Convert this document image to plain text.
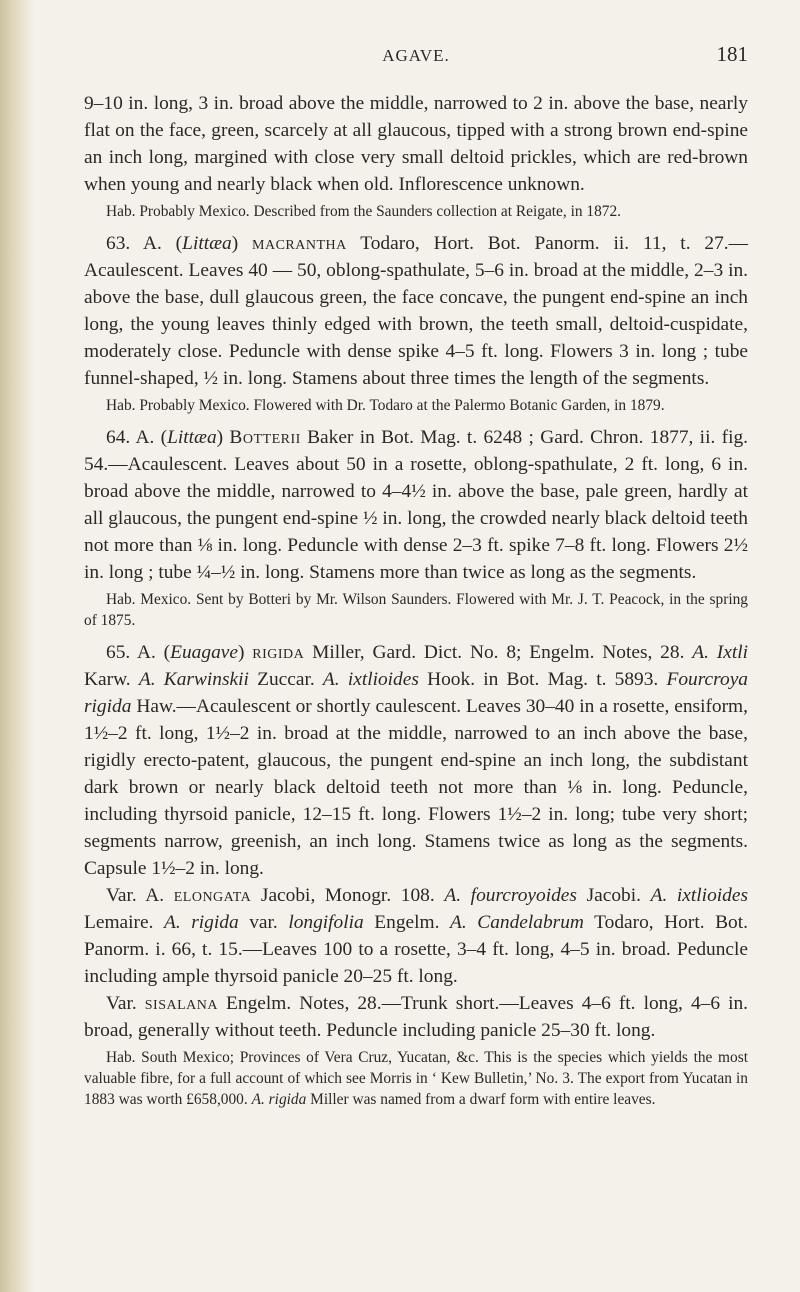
AGAVE.	181

9–10 in. long, 3 in. broad above the middle, narrowed to 2 in. above the base, nearly flat on the face, green, scarcely at all glaucous, tipped with a strong brown end-spine an inch long, margined with close very small deltoid prickles, which are red-brown when young and nearly black when old. Inflorescence unknown.

Hab. Probably Mexico. Described from the Saunders collection at Reigate, in 1872.

63. A. (Littæa) macrantha Todaro, Hort. Bot. Panorm. ii. 11, t. 27.—Acaulescent. Leaves 40 — 50, oblong-spathulate, 5–6 in. broad at the middle, 2–3 in. above the base, dull glaucous green, the face concave, the pungent end-spine an inch long, the young leaves thinly edged with brown, the teeth small, deltoid-cuspidate, moderately close. Peduncle with dense spike 4–5 ft. long. Flowers 3 in. long ; tube funnel-shaped, ½ in. long. Stamens about three times the length of the segments.

Hab. Probably Mexico. Flowered with Dr. Todaro at the Palermo Botanic Garden, in 1879.

64. A. (Littæa) Botterii Baker in Bot. Mag. t. 6248 ; Gard. Chron. 1877, ii. fig. 54.—Acaulescent. Leaves about 50 in a rosette, oblong-spathulate, 2 ft. long, 6 in. broad above the middle, narrowed to 4–4½ in. above the base, pale green, hardly at all glaucous, the pungent end-spine ½ in. long, the crowded nearly black deltoid teeth not more than ⅛ in. long. Peduncle with dense 2–3 ft. spike 7–8 ft. long. Flowers 2½ in. long ; tube ¼–½ in. long. Stamens more than twice as long as the segments.

Hab. Mexico. Sent by Botteri by Mr. Wilson Saunders. Flowered with Mr. J. T. Peacock, in the spring of 1875.

65. A. (Euagave) rigida Miller, Gard. Dict. No. 8; Engelm. Notes, 28. A. Ixtli Karw. A. Karwinskii Zuccar. A. ixtlioides Hook. in Bot. Mag. t. 5893. Fourcroya rigida Haw.—Acaulescent or shortly caulescent. Leaves 30–40 in a rosette, ensiform, 1½–2 ft. long, 1½–2 in. broad at the middle, narrowed to an inch above the base, rigidly erecto-patent, glaucous, the pungent end-spine an inch long, the subdistant dark brown or nearly black deltoid teeth not more than ⅛ in. long. Peduncle, including thyrsoid panicle, 12–15 ft. long. Flowers 1½–2 in. long; tube very short; segments narrow, greenish, an inch long. Stamens twice as long as the segments. Capsule 1½–2 in. long.

Var. A. elongata Jacobi, Monogr. 108. A. fourcroyoides Jacobi. A. ixtlioides Lemaire. A. rigida var. longifolia Engelm. A. Candelabrum Todaro, Hort. Bot. Panorm. i. 66, t. 15.—Leaves 100 to a rosette, 3–4 ft. long, 4–5 in. broad. Peduncle including ample thyrsoid panicle 20–25 ft. long.

Var. sisalana Engelm. Notes, 28.—Trunk short.—Leaves 4–6 ft. long, 4–6 in. broad, generally without teeth. Peduncle including panicle 25–30 ft. long.

Hab. South Mexico; Provinces of Vera Cruz, Yucatan, &c. This is the species which yields the most valuable fibre, for a full account of which see Morris in ‘ Kew Bulletin,’ No. 3. The export from Yucatan in 1883 was worth £658,000. A. rigida Miller was named from a dwarf form with entire leaves.
